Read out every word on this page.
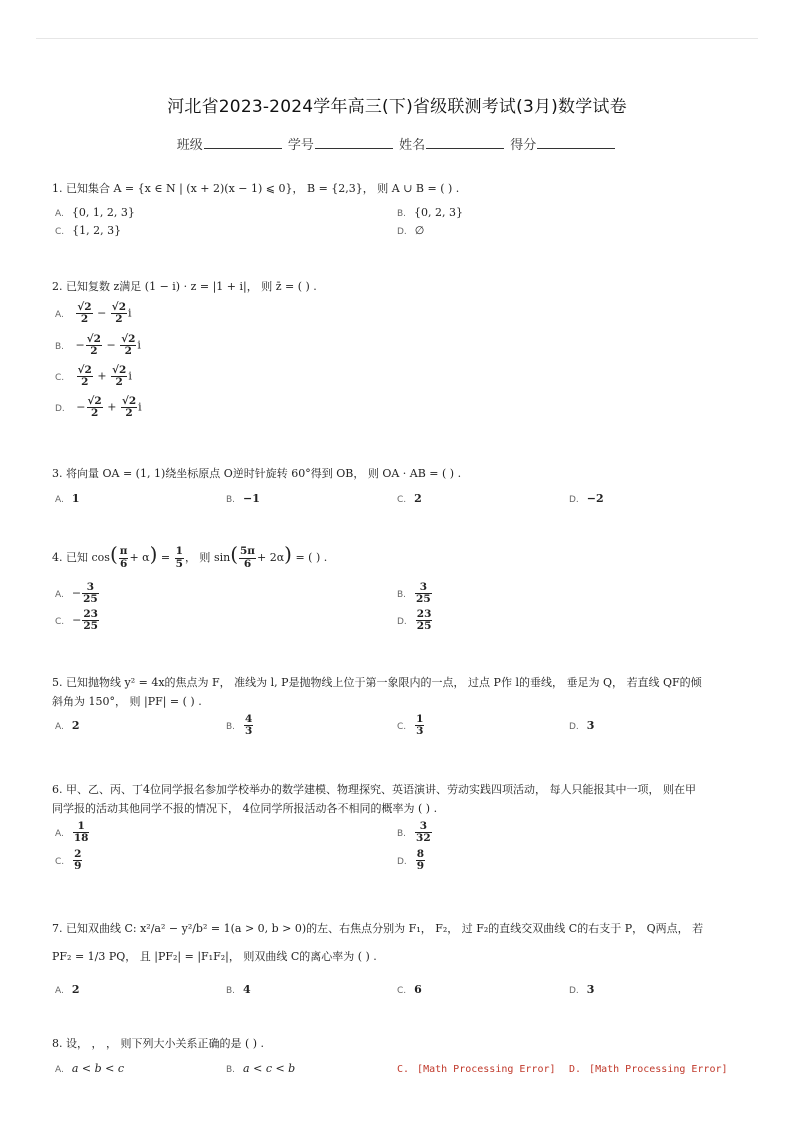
河北省2023-2024学年高三(下)省级联测考试(3月)数学试卷
班级	学号	姓名	得分
1. 已知集合 A = {x ∈ N | (x + 2)(x − 1) ⩽ 0}， B = {2,3}， 则 A ∪ B = ( ) .
A. {0, 1, 2, 3}	B. {0, 2, 3}
C. {1, 2, 3}	D. ∅
2. 已知复数 z满足 (1 − i) · z = |1 + i|， 则 z̄ = ( ) .
A. $\frac{√2}{2} - \frac{√2}{2}$ i
B. − $\frac{√2}{2} - \frac{√2}{2}$ i
C. $\frac{√2}{2} + \frac{√2}{2}$ i
D. − $\frac{√2}{2} + \frac{√2}{2}$ i
3. 将向量 OA = (1, 1)绕坐标原点 O逆时针旋转 60°得到 OB， 则 OA · AB = ( ) .
A. 1	B. −1	C. 2	D. −2
4. 已知 $\cos( \frac{\pi}{6} + \alpha) = \frac{1}{5}$ ， 则 $\sin( \frac{5\pi}{6} + 2\alpha)$ = ( ) .
A. − $\frac{3}{25}$	B. $\frac{3}{25}$
C. − $\frac{23}{25}$	D. $\frac{23}{25}$
5. 已知抛物线 y² = 4x的焦点为 F， 准线为 l, P是抛物线上位于第一象限内的一点， 过点 P作 l的垂线， 垂足为 Q， 若直线 QF的倾
斜角为 150°， 则 |PF| = ( ) .
A. 2	B. $\frac{4}{3}$	C. $\frac{1}{3}$	D. 3
6. 甲、乙、丙、丁4位同学报名参加学校举办的数学建模、物理探究、英语演讲、劳动实践四项活动， 每人只能报其中一项， 则在甲
同学报的活动其他同学不报的情况下， 4位同学所报活动各不相同的概率为 ( ) .
A. $\frac{1}{18}$	B. $\frac{3}{32}$
C. $\frac{2}{9}$	D. $\frac{8}{9}$
7. 已知双曲线 C: x²/a² − y²/b² = 1(a > 0, b > 0)的左、右焦点分别为 F₁， F₂， 过 F₂的直线交双曲线 C的右支于 P， Q两点， 若
PF₂ = 1/3 PQ， 且 |PF₂| = |F₁F₂|， 则双曲线 C的离心率为 ( ) .
A. 2	B. 4	C. 6	D. 3
8. 设， ， ， 则下列大小关系正确的是 ( ) .
A. a < b < c	B. a < c < b	C. [Math Processing Error] D. [Math Processing Error]
